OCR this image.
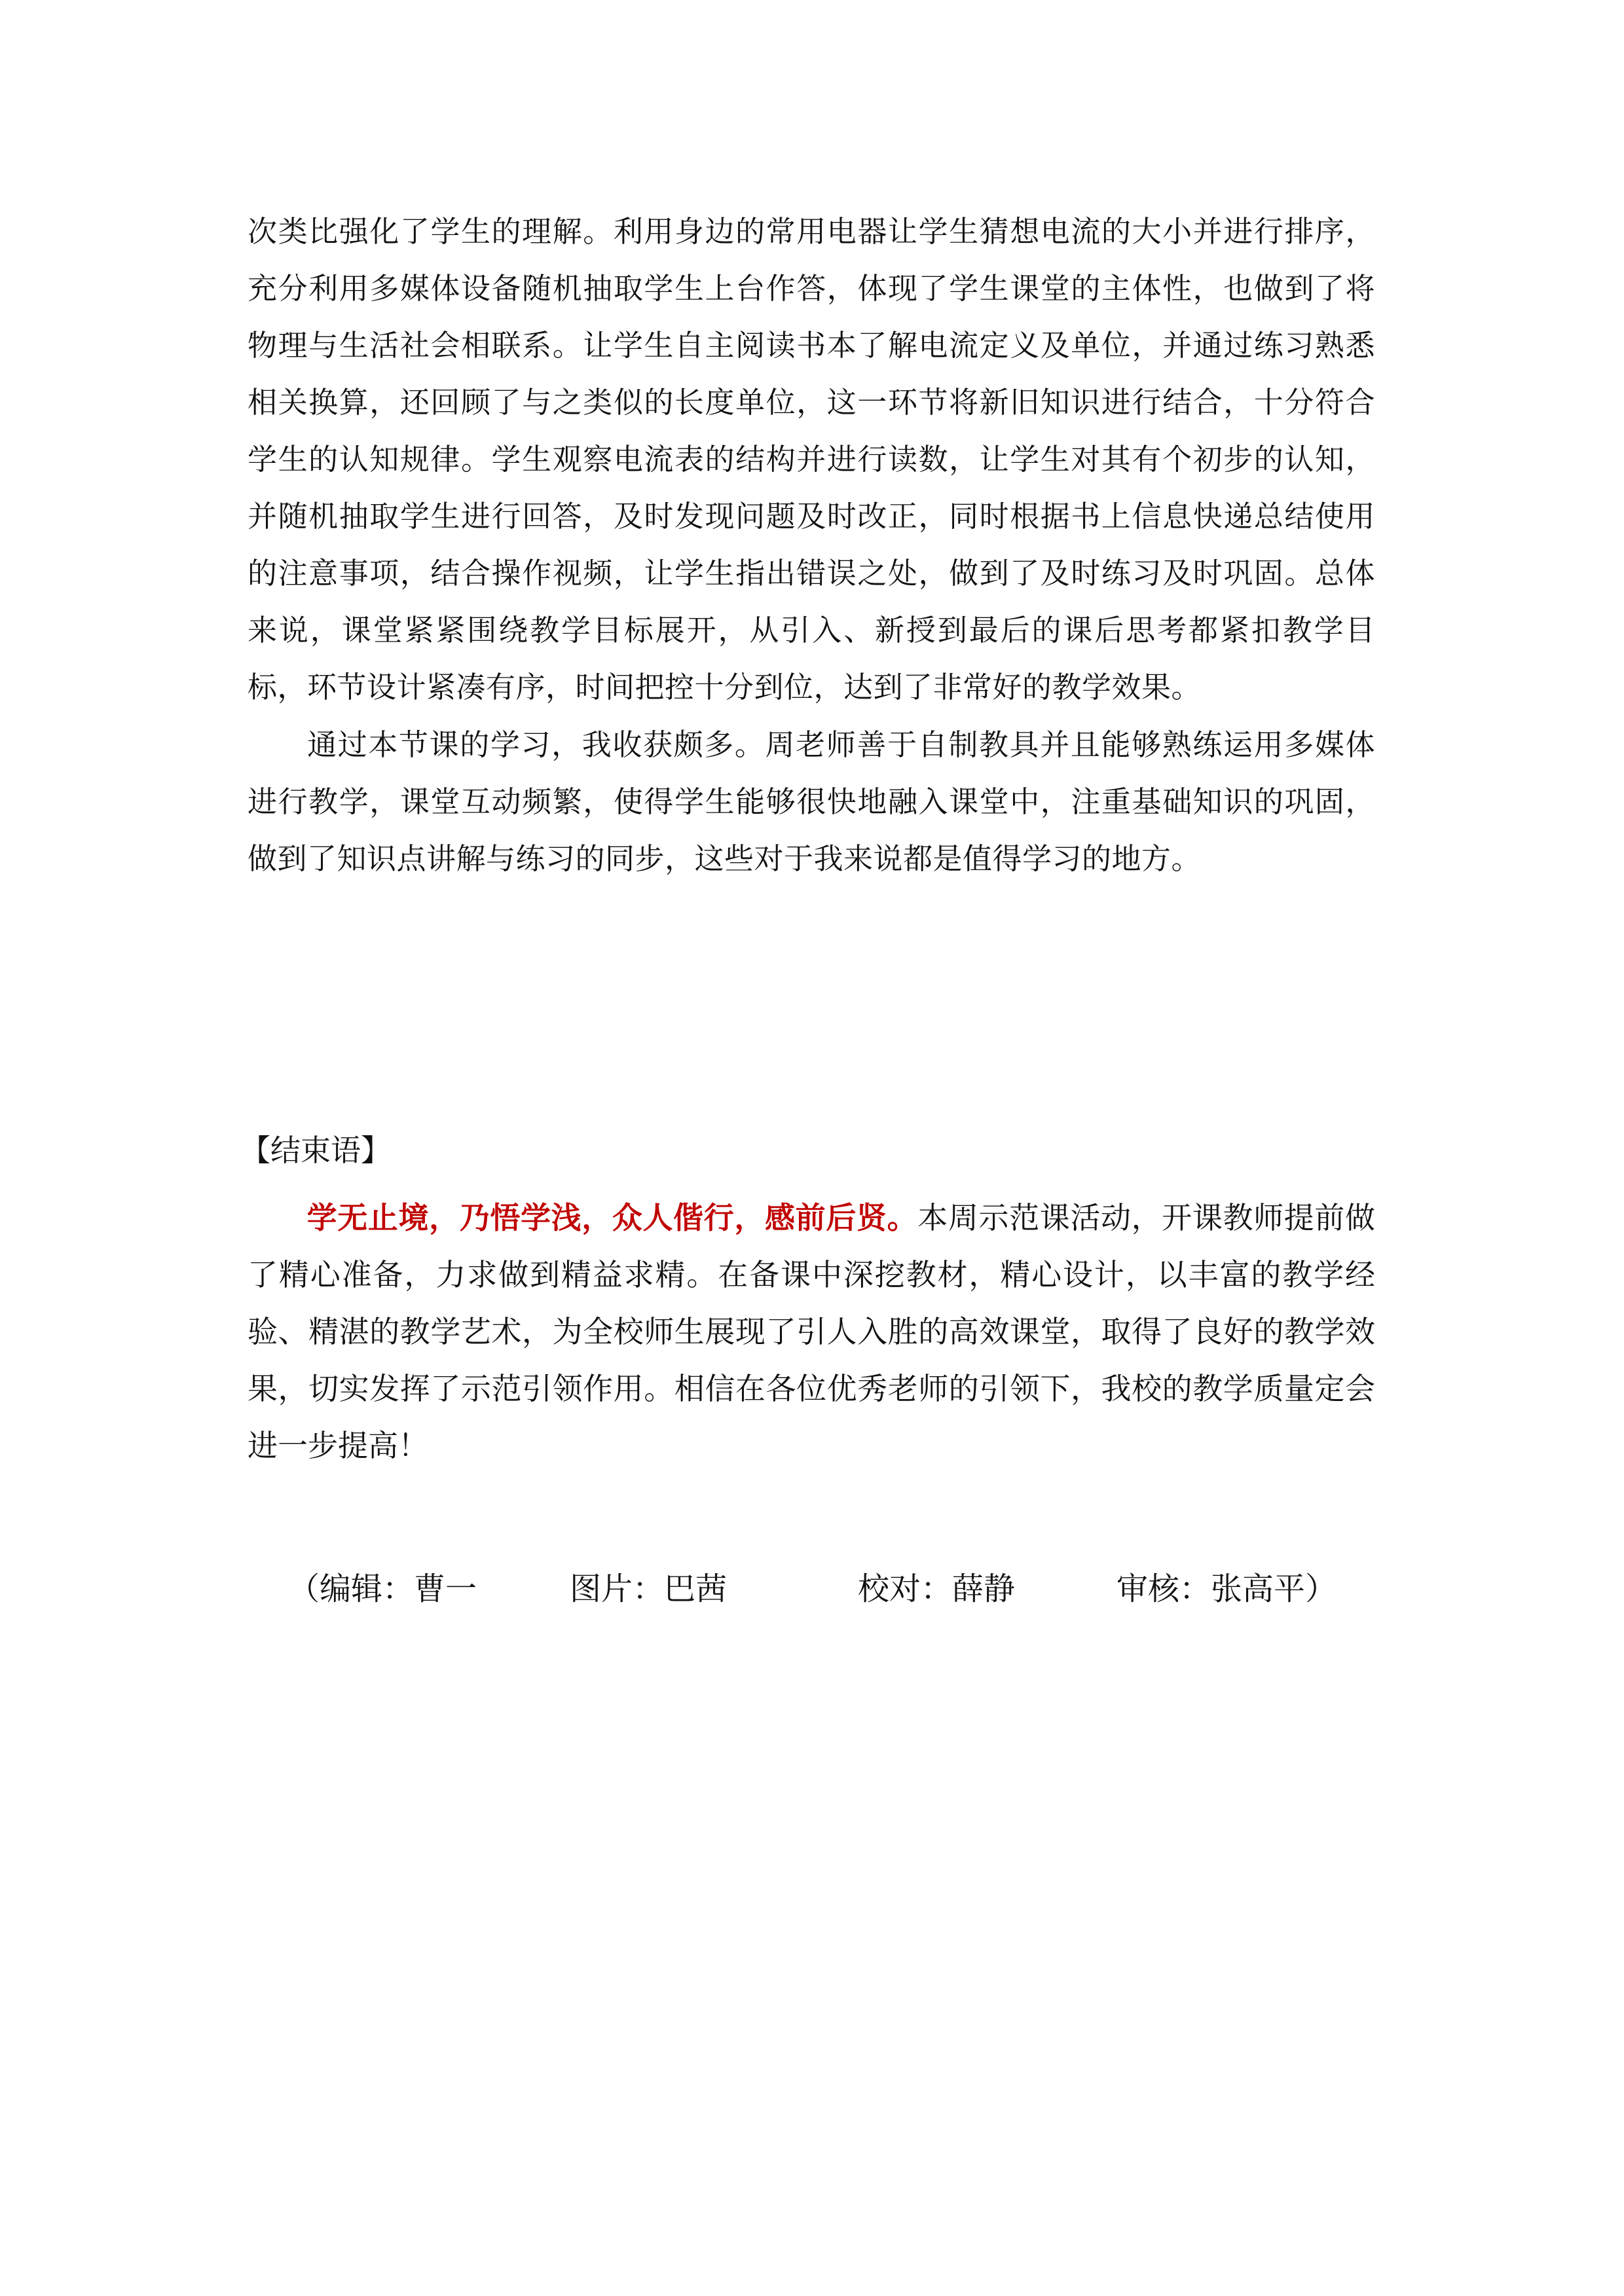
次类比强化了学生的理解。利用身边的常用电器让学生猜想电流的大小并进行排序，充分利用多媒体设备随机抽取学生上台作答，体现了学生课堂的主体性，也做到了将物理与生活社会相联系。让学生自主阅读书本了解电流定义及单位，并通过练习熟悉相关换算，还回顾了与之类似的长度单位，这一环节将新旧知识进行结合，十分符合学生的认知规律。学生观察电流表的结构并进行读数，让学生对其有个初步的认知，并随机抽取学生进行回答，及时发现问题及时改正，同时根据书上信息快递总结使用的注意事项，结合操作视频，让学生指出错误之处，做到了及时练习及时巩固。总体来说，课堂紧紧围绕教学目标展开，从引入、新授到最后的课后思考都紧扣教学目标，环节设计紧凑有序，时间把控十分到位，达到了非常好的教学效果。

通过本节课的学习，我收获颇多。周老师善于自制教具并且能够熟练运用多媒体进行教学，课堂互动频繁，使得学生能够很快地融入课堂中，注重基础知识的巩固，做到了知识点讲解与练习的同步，这些对于我来说都是值得学习的地方。

【结束语】
学无止境，乃悟学浅，众人偕行，感前后贤。本周示范课活动，开课教师提前做了精心准备，力求做到精益求精。在备课中深挖教材，精心设计，以丰富的教学经验、精湛的教学艺术，为全校师生展现了引人入胜的高效课堂，取得了良好的教学效果，切实发挥了示范引领作用。相信在各位优秀老师的引领下，我校的教学质量定会进一步提高！
（编辑：曹一	图片：巴茜	校对：薛静	审核：张高平）
